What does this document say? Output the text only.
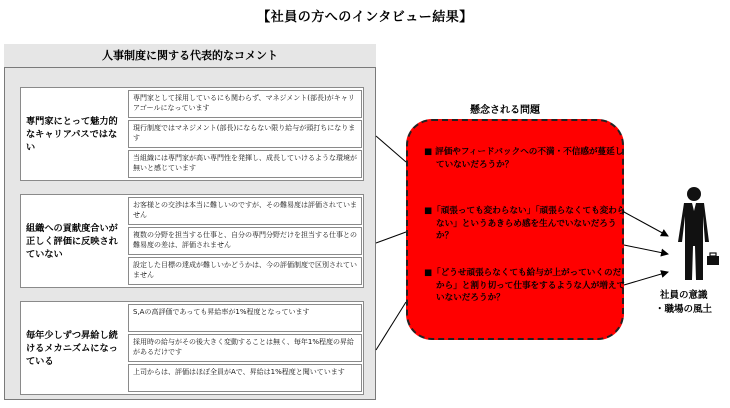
【社員の方へのインタビュー結果】
人事制度に関する代表的なコメント
専門家にとって魅力的なキャリアパスではない
専門家として採用しているにも関わらず、マネジメント(部長)がキャリアゴールになっています
現行制度ではマネジメント(部長)にならない限り給与が頭打ちになります
当組織には専門家が高い専門性を発揮し、成長していけるような環境が無いと感じています
組織への貢献度合いが正しく評価に反映されていない
お客様との交渉は本当に難しいのですが、その難易度は評価されていません
複数の分野を担当する仕事と、自分の専門分野だけを担当する仕事との難易度の差は、評価されません
設定した目標の達成が難しいかどうかは、今の評価制度で区別されていません
毎年少しずつ昇給し続けるメカニズムになっている
S,Aの高評価であっても昇給率が1%程度となっています
採用時の給与がその後大きく変動することは無く、毎年1%程度の昇給があるだけです
上司からは、評価はほぼ全員がAで、昇給は1%程度と聞いています
懸念される問題
■ 評価やフィードバックへの不満・不信感が蔓延していないだろうか？
■「頑張っても変わらない」「頑張らなくても変わらない」というあきらめ感を生んでいないだろうか？
■「どうせ頑張らなくても給与が上がっていくのだから」と割り切って仕事をするような人が増えていないだろうか？	社員の意識
・職場の風土
